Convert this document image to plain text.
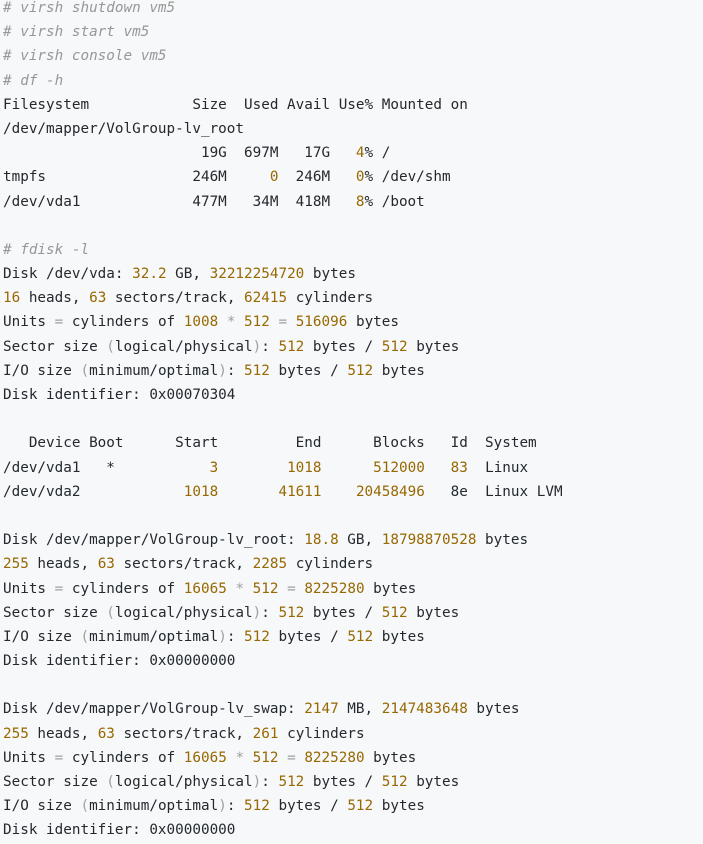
# virsh shutdown vm5
# virsh start vm5
# virsh console vm5
# df -h
Filesystem            Size  Used Avail Use% Mounted on
/dev/mapper/VolGroup-lv_root
19G  697M   17G   4% /
tmpfs                 246M     0  246M   0% /dev/shm
/dev/vda1             477M   34M  418M   8% /boot
# fdisk -l
Disk /dev/vda: 32.2 GB, 32212254720 bytes
16 heads, 63 sectors/track, 62415 cylinders
Units = cylinders of 1008 * 512 = 516096 bytes
Sector size (logical/physical): 512 bytes / 512 bytes
I/O size (minimum/optimal): 512 bytes / 512 bytes
Disk identifier: 0x00070304
Device Boot      Start         End      Blocks   Id  System
/dev/vda1   *           3	1018	512000 83  Linux
/dev/vda2            1018	41611 20458496   8e  Linux LVM
Disk /dev/mapper/VolGroup-lv_root: 18.8 GB, 18798870528 bytes
255 heads, 63 sectors/track, 2285 cylinders
Units = cylinders of 16065 * 512 = 8225280 bytes
Sector size (logical/physical): 512 bytes / 512 bytes
I/O size (minimum/optimal): 512 bytes / 512 bytes
Disk identifier: 0x00000000
Disk /dev/mapper/VolGroup-lv_swap: 2147 MB, 2147483648 bytes
255 heads, 63 sectors/track, 261 cylinders
Units = cylinders of 16065 * 512 = 8225280 bytes
Sector size (logical/physical): 512 bytes / 512 bytes
I/O size (minimum/optimal): 512 bytes / 512 bytes
Disk identifier: 0x00000000
